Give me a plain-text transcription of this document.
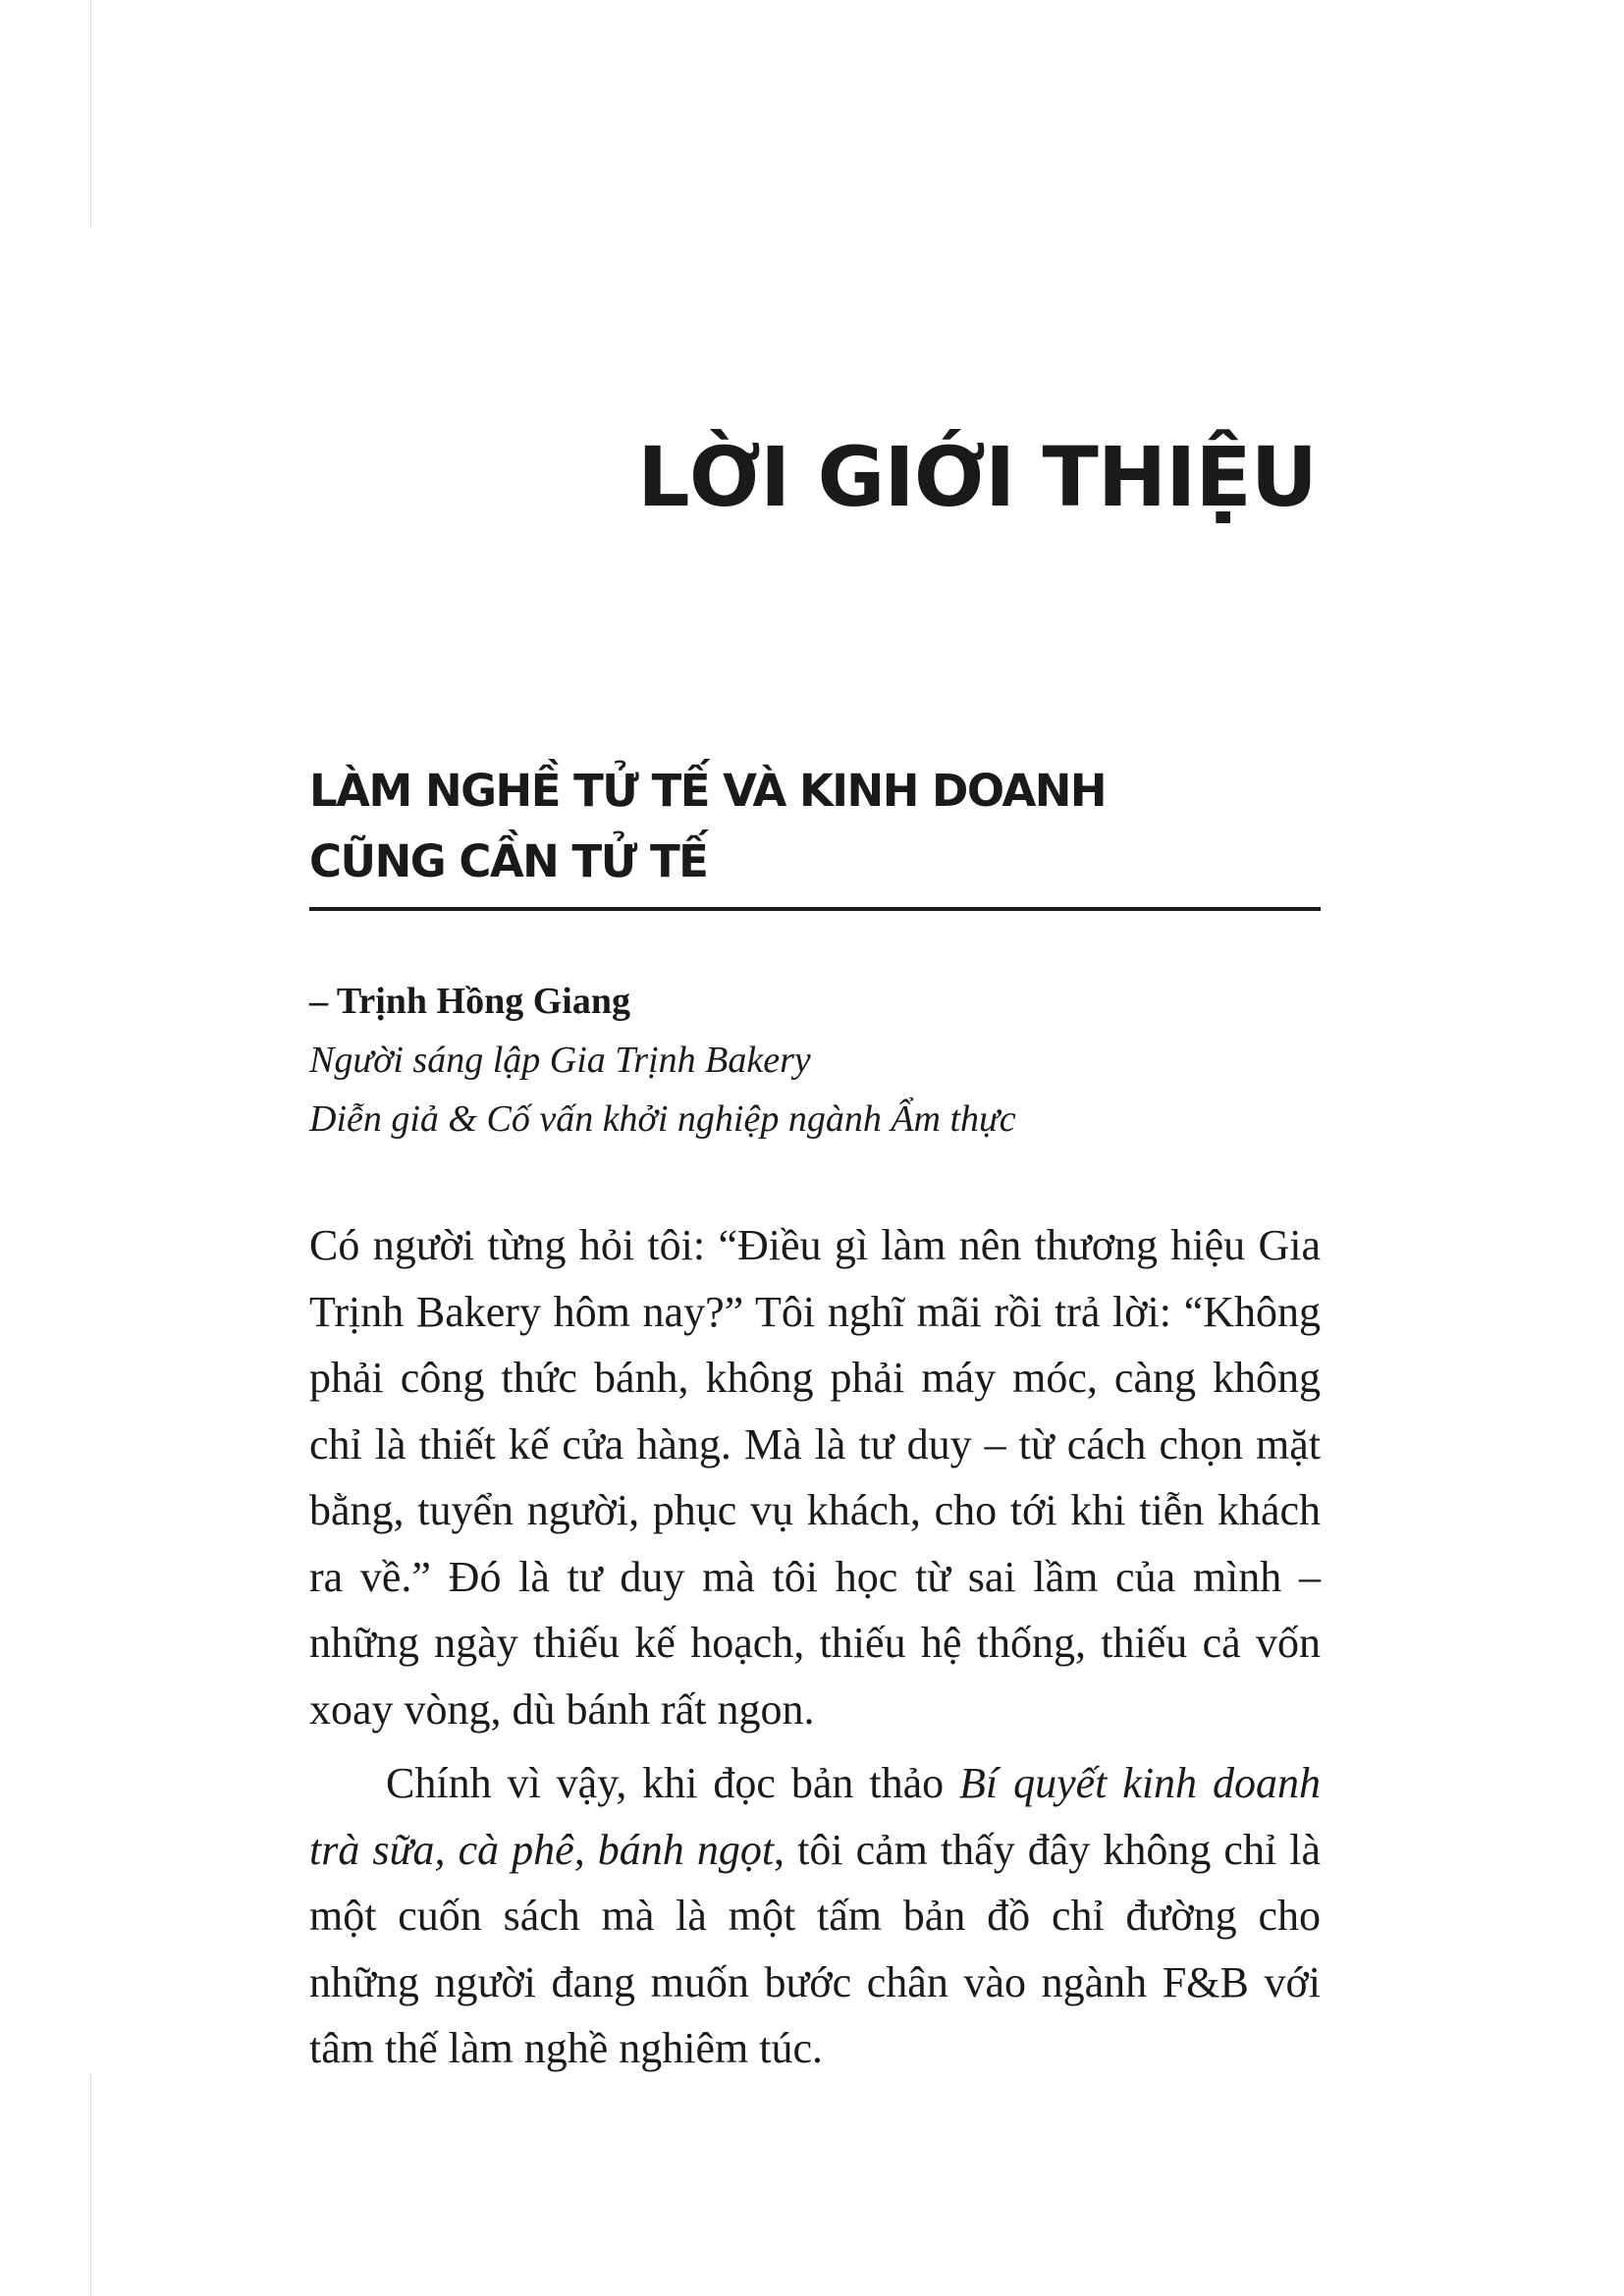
LỜI GIỚI THIỆU
LÀM NGHỀ TỬ TẾ VÀ KINH DOANH
CŨNG CẦN TỬ TẾ
– Trịnh Hồng Giang
Người sáng lập Gia Trịnh Bakery
Diễn giả & Cố vấn khởi nghiệp ngành Ẩm thực

Có người từng hỏi tôi: “Điều gì làm nên thương hiệu Gia Trịnh Bakery hôm nay?” Tôi nghĩ mãi rồi trả lời: “Không phải công thức bánh, không phải máy móc, càng không chỉ là thiết kế cửa hàng. Mà là tư duy – từ cách chọn mặt bằng, tuyển người, phục vụ khách, cho tới khi tiễn khách ra về.” Đó là tư duy mà tôi học từ sai lầm của mình – những ngày thiếu kế hoạch, thiếu hệ thống, thiếu cả vốn xoay vòng, dù bánh rất ngon.

Chính vì vậy, khi đọc bản thảo Bí quyết kinh doanh trà sữa, cà phê, bánh ngọt, tôi cảm thấy đây không chỉ là một cuốn sách mà là một tấm bản đồ chỉ đường cho những người đang muốn bước chân vào ngành F&B với tâm thế làm nghề nghiêm túc.
